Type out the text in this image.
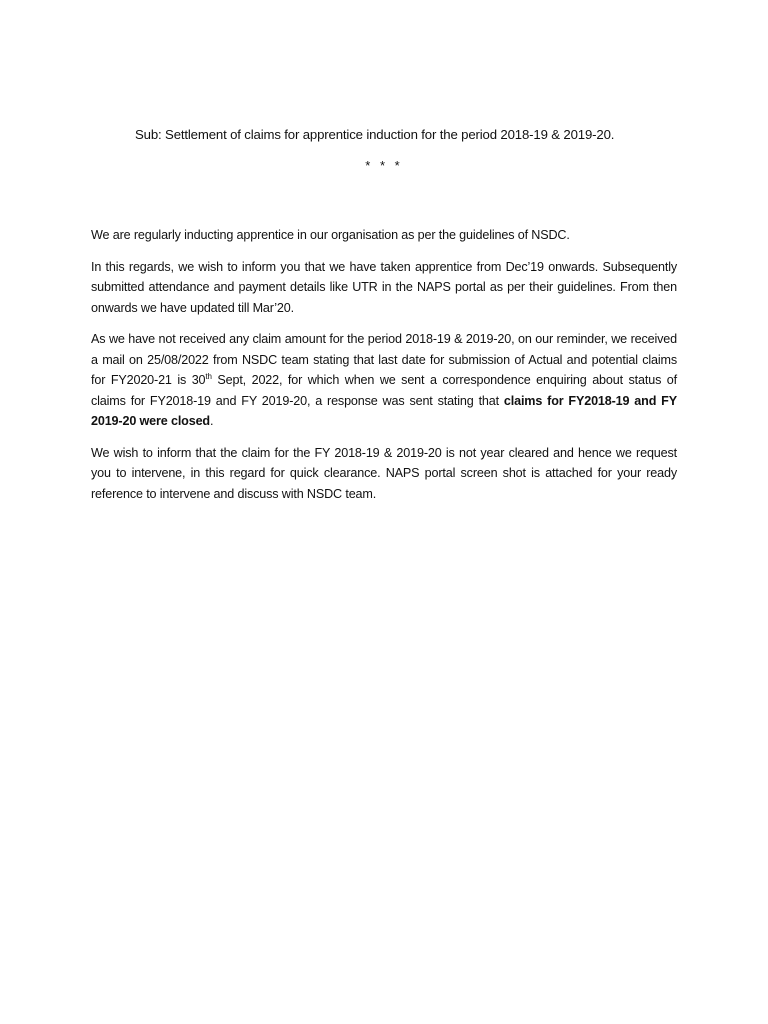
Sub: Settlement of claims for apprentice induction for the period 2018-19 & 2019-20.
* * *

We are regularly inducting apprentice in our organisation as per the guidelines of NSDC.

In this regards, we wish to inform you that we have taken apprentice from Dec’19 onwards. Subsequently submitted attendance and payment details like UTR in the NAPS portal as per their guidelines. From then onwards we have updated till Mar’20.

As we have not received any claim amount for the period 2018-19 & 2019-20, on our reminder, we received a mail on 25/08/2022 from NSDC team stating that last date for submission of Actual and potential claims for FY2020-21 is 30th Sept, 2022, for which when we sent a correspondence enquiring about status of claims for FY2018-19 and FY 2019-20, a response was sent stating that claims for FY2018-19 and FY 2019-20 were closed.

We wish to inform that the claim for the FY 2018-19 & 2019-20 is not year cleared and hence we request you to intervene, in this regard for quick clearance. NAPS portal screen shot is attached for your ready reference to intervene and discuss with NSDC team.
